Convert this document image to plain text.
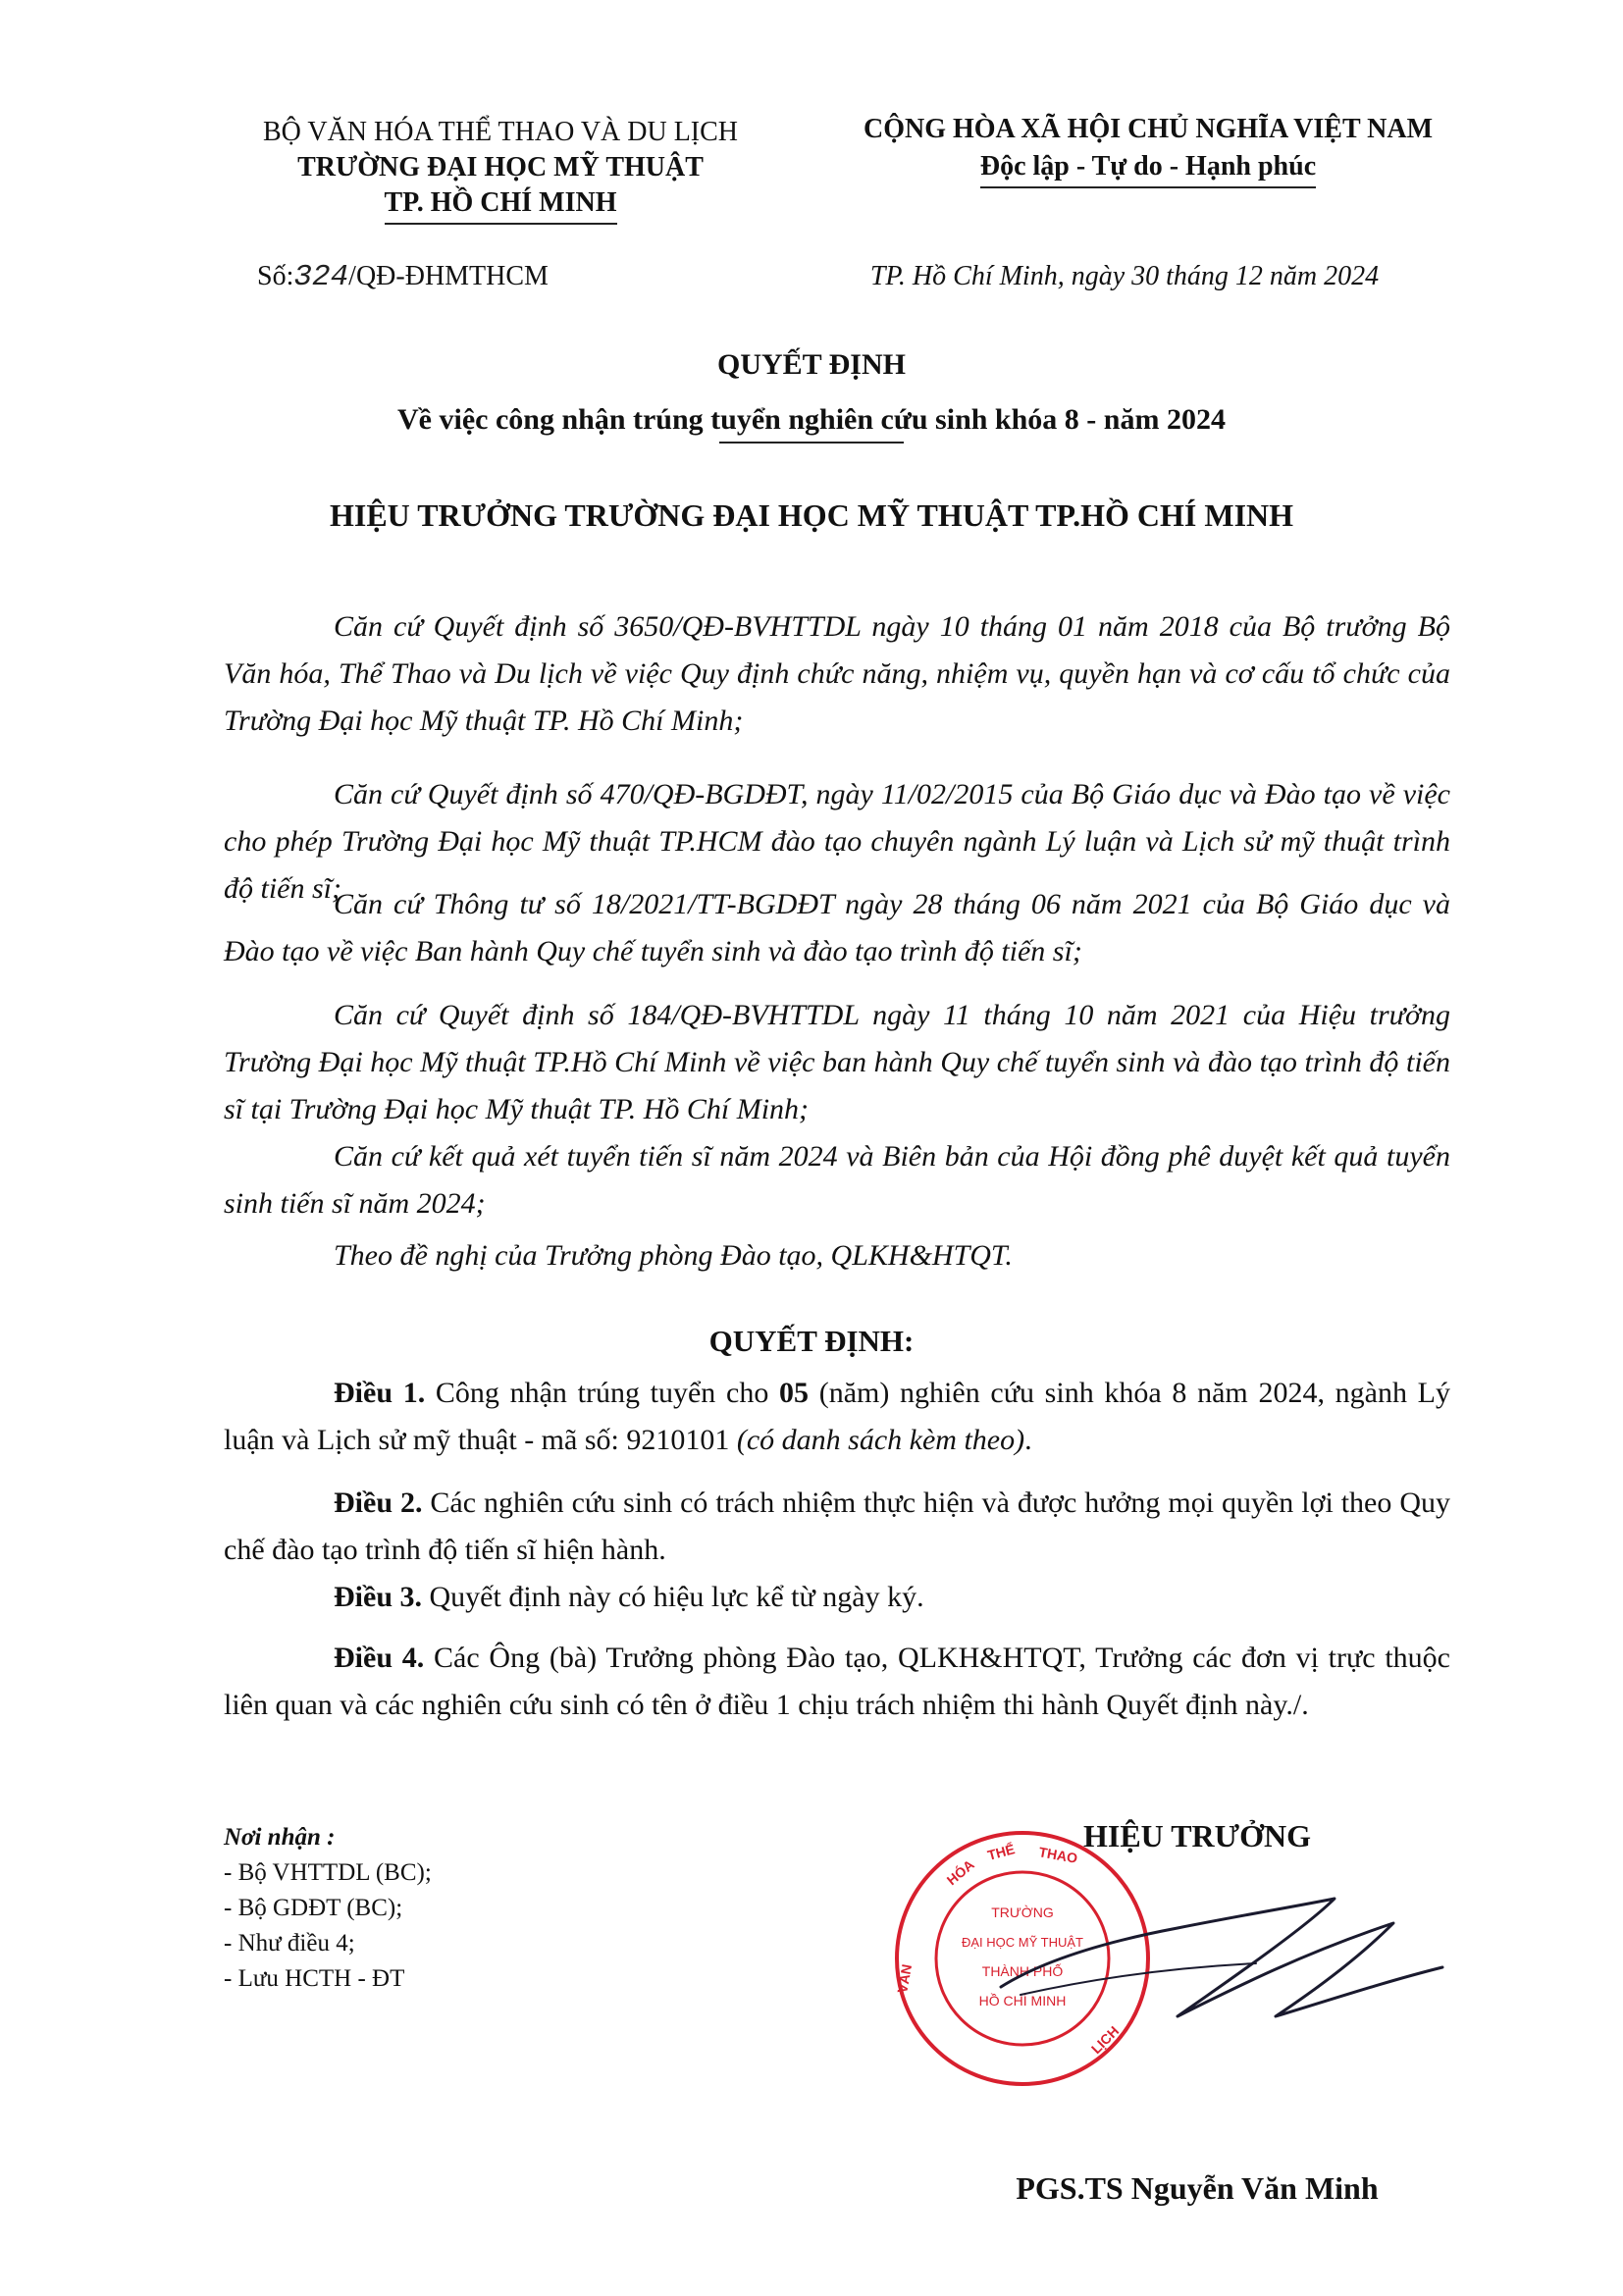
BỘ VĂN HÓA THỂ THAO VÀ DU LỊCH
TRƯỜNG ĐẠI HỌC MỸ THUẬT
TP. HỒ CHÍ MINH
CỘNG HÒA XÃ HỘI CHỦ NGHĨA VIỆT NAM
Độc lập - Tự do - Hạnh phúc
Số:324/QĐ-ĐHMTHCM	TP. Hồ Chí Minh, ngày 30 tháng 12 năm 2024
QUYẾT ĐỊNH
Về việc công nhận trúng tuyển nghiên cứu sinh khóa 8 - năm 2024
HIỆU TRƯỞNG TRƯỜNG ĐẠI HỌC MỸ THUẬT TP.HỒ CHÍ MINH
Căn cứ Quyết định số 3650/QĐ-BVHTTDL ngày 10 tháng 01 năm 2018 của Bộ trưởng Bộ Văn hóa, Thể Thao và Du lịch về việc Quy định chức năng, nhiệm vụ, quyền hạn và cơ cấu tổ chức của Trường Đại học Mỹ thuật TP. Hồ Chí Minh;
Căn cứ Quyết định số 470/QĐ-BGDĐT, ngày 11/02/2015 của Bộ Giáo dục và Đào tạo về việc cho phép Trường Đại học Mỹ thuật TP.HCM đào tạo chuyên ngành Lý luận và Lịch sử mỹ thuật trình độ tiến sĩ;
Căn cứ Thông tư số 18/2021/TT-BGDĐT ngày 28 tháng 06 năm 2021 của Bộ Giáo dục và Đào tạo về việc Ban hành Quy chế tuyển sinh và đào tạo trình độ tiến sĩ;
Căn cứ Quyết định số 184/QĐ-BVHTTDL ngày 11 tháng 10 năm 2021 của Hiệu trưởng Trường Đại học Mỹ thuật TP.Hồ Chí Minh về việc ban hành Quy chế tuyển sinh và đào tạo trình độ tiến sĩ tại Trường Đại học Mỹ thuật TP. Hồ Chí Minh;
Căn cứ kết quả xét tuyển tiến sĩ năm 2024 và Biên bản của Hội đồng phê duyệt kết quả tuyển sinh tiến sĩ năm 2024;
Theo đề nghị của Trưởng phòng Đào tạo, QLKH&HTQT.
QUYẾT ĐỊNH:
Điều 1. Công nhận trúng tuyển cho 05 (năm) nghiên cứu sinh khóa 8 năm 2024, ngành Lý luận và Lịch sử mỹ thuật - mã số: 9210101 (có danh sách kèm theo).
Điều 2. Các nghiên cứu sinh có trách nhiệm thực hiện và được hưởng mọi quyền lợi theo Quy chế đào tạo trình độ tiến sĩ hiện hành.
Điều 3. Quyết định này có hiệu lực kể từ ngày ký.
Điều 4. Các Ông (bà) Trưởng phòng Đào tạo, QLKH&HTQT, Trưởng các đơn vị trực thuộc liên quan và các nghiên cứu sinh có tên ở điều 1 chịu trách nhiệm thi hành Quyết định này./.
Nơi nhận :
- Bộ VHTTDL (BC);
- Bộ GDĐT (BC);
- Như điều 4;
- Lưu HCTH - ĐT
HIỆU TRƯỞNG
TRƯỜNG
ĐẠI HỌC MỸ THUẬT
THÀNH PHỐ
HỒ CHÍ MINH
HÓA
THỂ THAO
VĂN
LỊCH
PGS.TS Nguyễn Văn Minh
